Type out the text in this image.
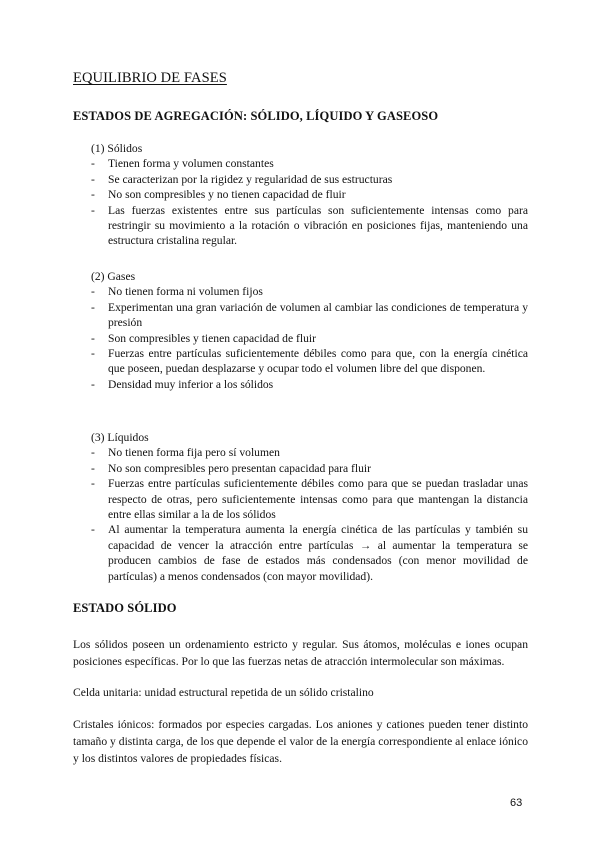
EQUILIBRIO DE FASES
ESTADOS DE AGREGACIÓN: SÓLIDO, LÍQUIDO Y GASEOSO
(1) Sólidos
- Tienen forma y volumen constantes
- Se caracterizan por la rigidez y regularidad de sus estructuras
- No son compresibles y no tienen capacidad de fluir
- Las fuerzas existentes entre sus partículas son suficientemente intensas como para restringir su movimiento a la rotación o vibración en posiciones fijas, manteniendo una estructura cristalina regular.
(2) Gases
- No tienen forma ni volumen fijos
- Experimentan una gran variación de volumen al cambiar las condiciones de temperatura y presión
- Son compresibles y tienen capacidad de fluir
- Fuerzas entre partículas suficientemente débiles como para que, con la energía cinética que poseen, puedan desplazarse y ocupar todo el volumen libre del que disponen.
- Densidad muy inferior a los sólidos
(3) Líquidos
- No tienen forma fija pero sí volumen
- No son compresibles pero presentan capacidad para fluir
- Fuerzas entre partículas suficientemente débiles como para que se puedan trasladar unas respecto de otras, pero suficientemente intensas como para que mantengan la distancia entre ellas similar a la de los sólidos
- Al aumentar la temperatura aumenta la energía cinética de las partículas y también su capacidad de vencer la atracción entre partículas → al aumentar la temperatura se producen cambios de fase de estados más condensados (con menor movilidad de partículas) a menos condensados (con mayor movilidad).
ESTADO SÓLIDO
Los sólidos poseen un ordenamiento estricto y regular. Sus átomos, moléculas e iones ocupan posiciones específicas. Por lo que las fuerzas netas de atracción intermolecular son máximas.
Celda unitaria: unidad estructural repetida de un sólido cristalino
Cristales iónicos: formados por especies cargadas. Los aniones y cationes pueden tener distinto tamaño y distinta carga, de los que depende el valor de la energía correspondiente al enlace iónico y los distintos valores de propiedades físicas.
63
